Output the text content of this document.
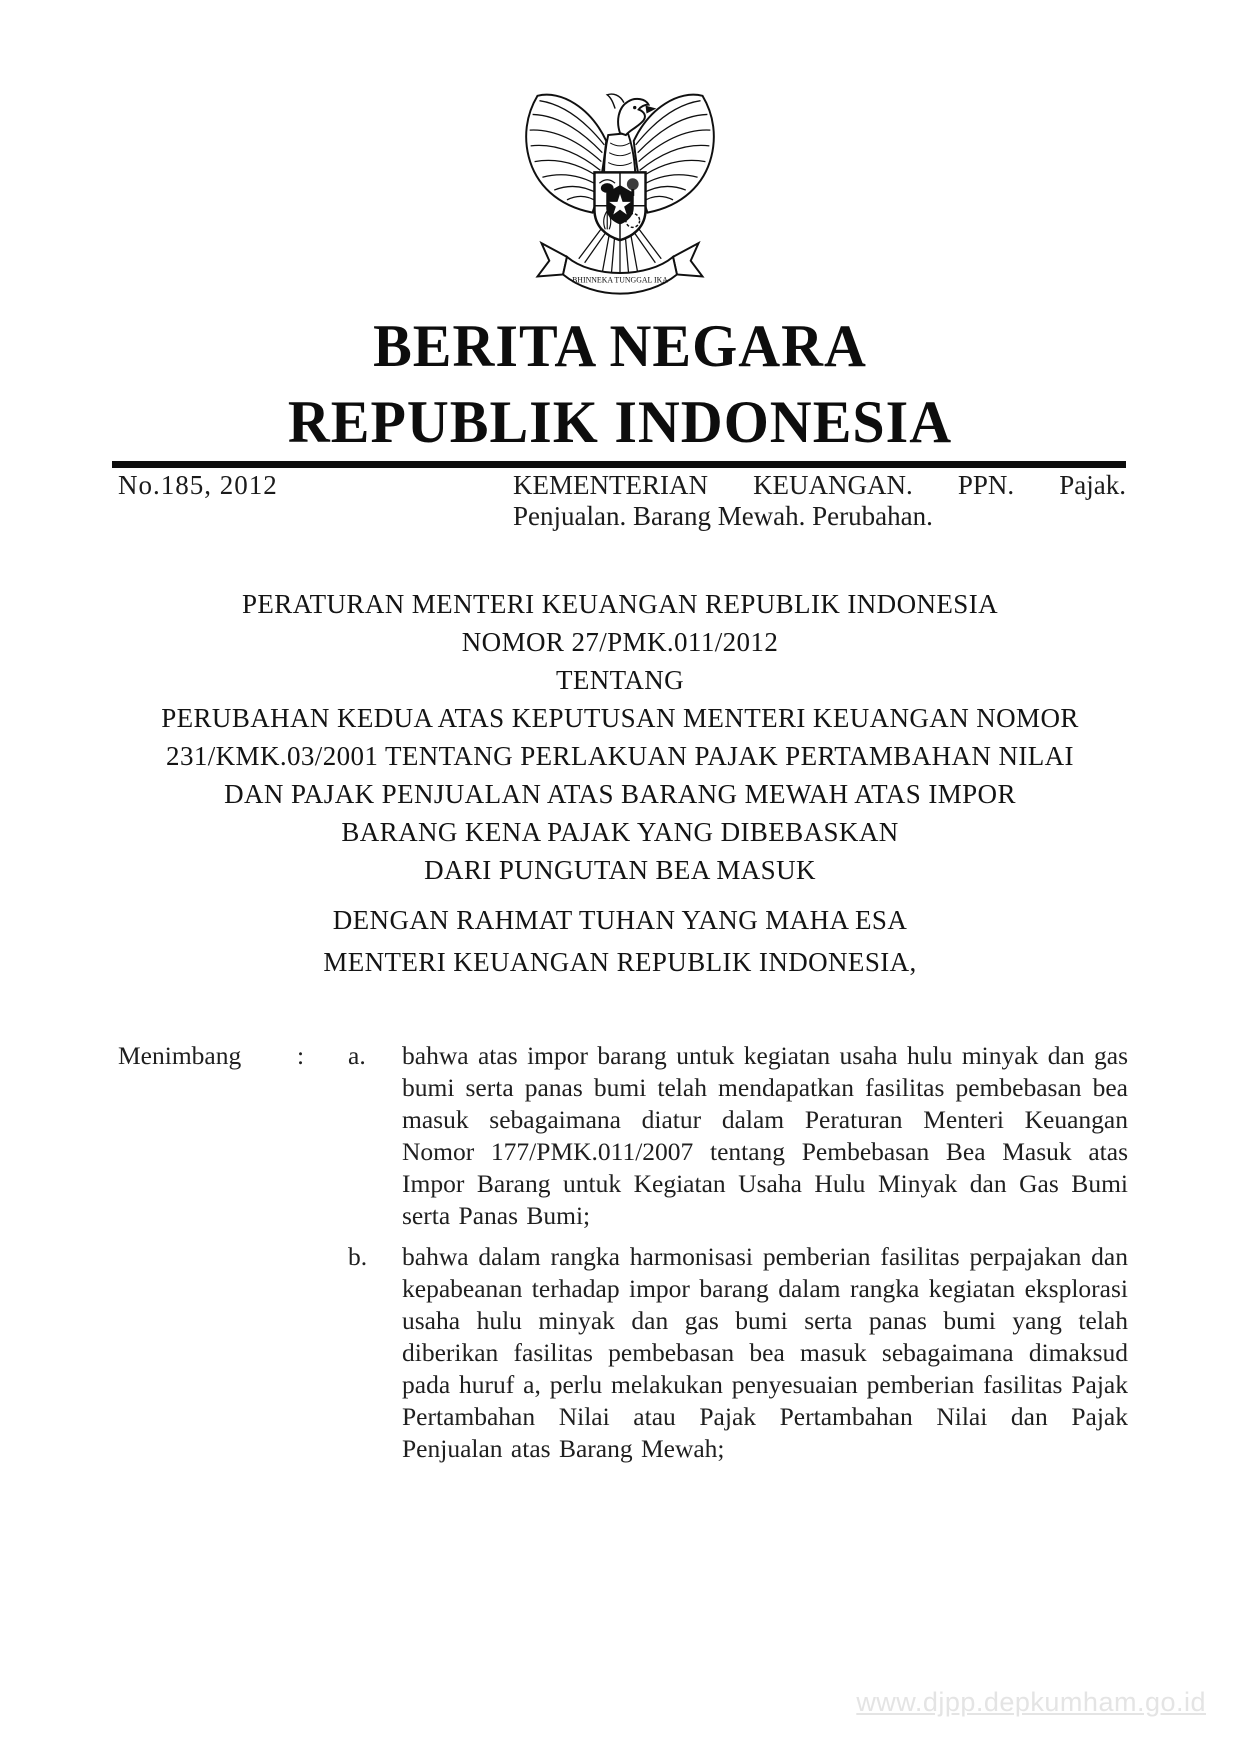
BHINNEKA TUNGGAL IKA
BERITA NEGARA
REPUBLIK INDONESIA
No.185, 2012	KEMENTERIAN KEUANGAN. PPN. Pajak.
Penjualan. Barang Mewah. Perubahan.
PERATURAN MENTERI KEUANGAN REPUBLIK INDONESIA
NOMOR 27/PMK.011/2012
TENTANG
PERUBAHAN KEDUA ATAS KEPUTUSAN MENTERI KEUANGAN NOMOR
231/KMK.03/2001 TENTANG PERLAKUAN PAJAK PERTAMBAHAN NILAI
DAN PAJAK PENJUALAN ATAS BARANG MEWAH ATAS IMPOR
BARANG KENA PAJAK YANG DIBEBASKAN
DARI PUNGUTAN BEA MASUK
DENGAN RAHMAT TUHAN YANG MAHA ESA
MENTERI KEUANGAN REPUBLIK INDONESIA,
Menimbang	:	a.	bahwa atas impor barang untuk kegiatan usaha hulu minyak dan gas bumi serta panas bumi telah mendapatkan fasilitas pembebasan bea masuk sebagaimana diatur dalam Peraturan Menteri Keuangan Nomor 177/PMK.011/2007 tentang Pembebasan Bea Masuk atas Impor Barang untuk Kegiatan Usaha Hulu Minyak dan Gas Bumi serta Panas Bumi;
b.	bahwa dalam rangka harmonisasi pemberian fasilitas perpajakan dan kepabeanan terhadap impor barang dalam rangka kegiatan eksplorasi usaha hulu minyak dan gas bumi serta panas bumi yang telah diberikan fasilitas pembebasan bea masuk sebagaimana dimaksud pada huruf a, perlu melakukan penyesuaian pemberian fasilitas Pajak Pertambahan Nilai atau Pajak Pertambahan Nilai dan Pajak Penjualan atas Barang Mewah;
www.djpp.depkumham.go.id
